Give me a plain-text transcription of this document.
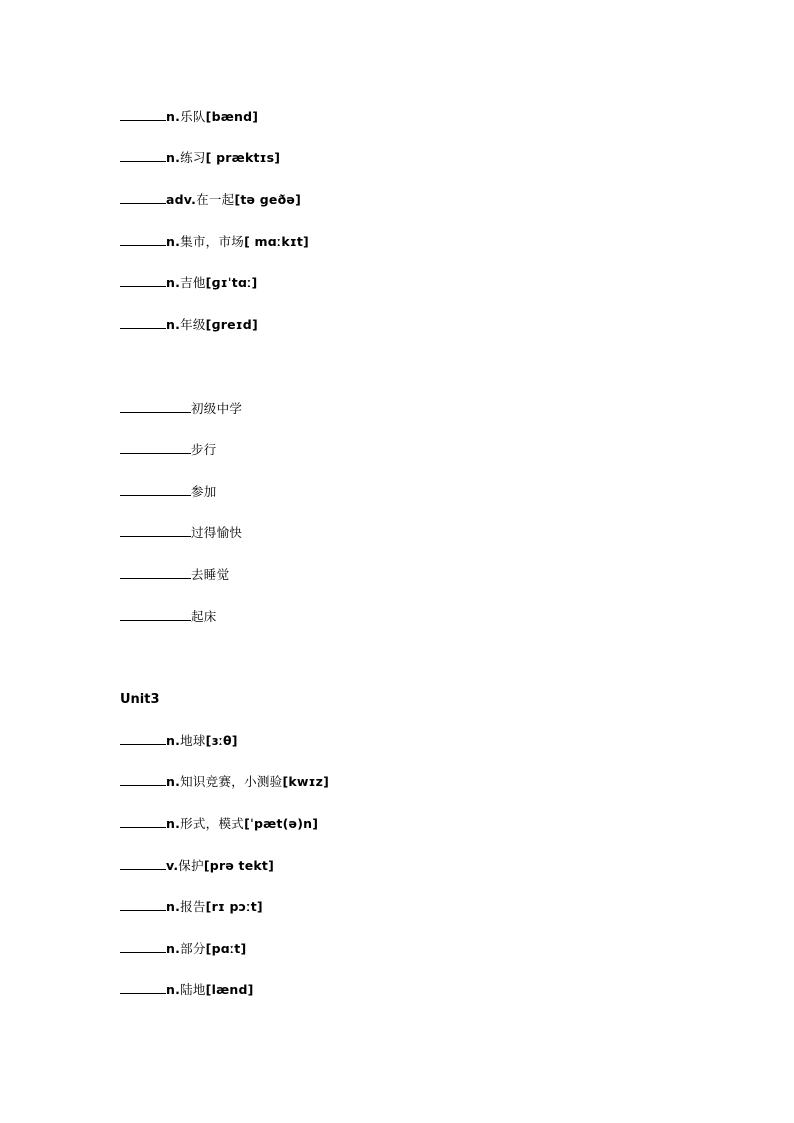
n.乐队[bænd]
n.练习[ præktɪs]
adv.在一起[tə geðə]
n.集市，市场[ mɑːkɪt]
n.吉他[ɡɪˈtɑː]
n.年级[ɡreɪd]
初级中学
步行
参加
过得愉快
去睡觉
起床
Unit3
n.地球[ɜːθ]
n.知识竞赛，小测验[kwɪz]
n.形式，模式[ˈpæt(ə)n]
v.保护[prə tekt]
n.报告[rɪ pɔːt]
n.部分[pɑːt]
n.陆地[lænd]
